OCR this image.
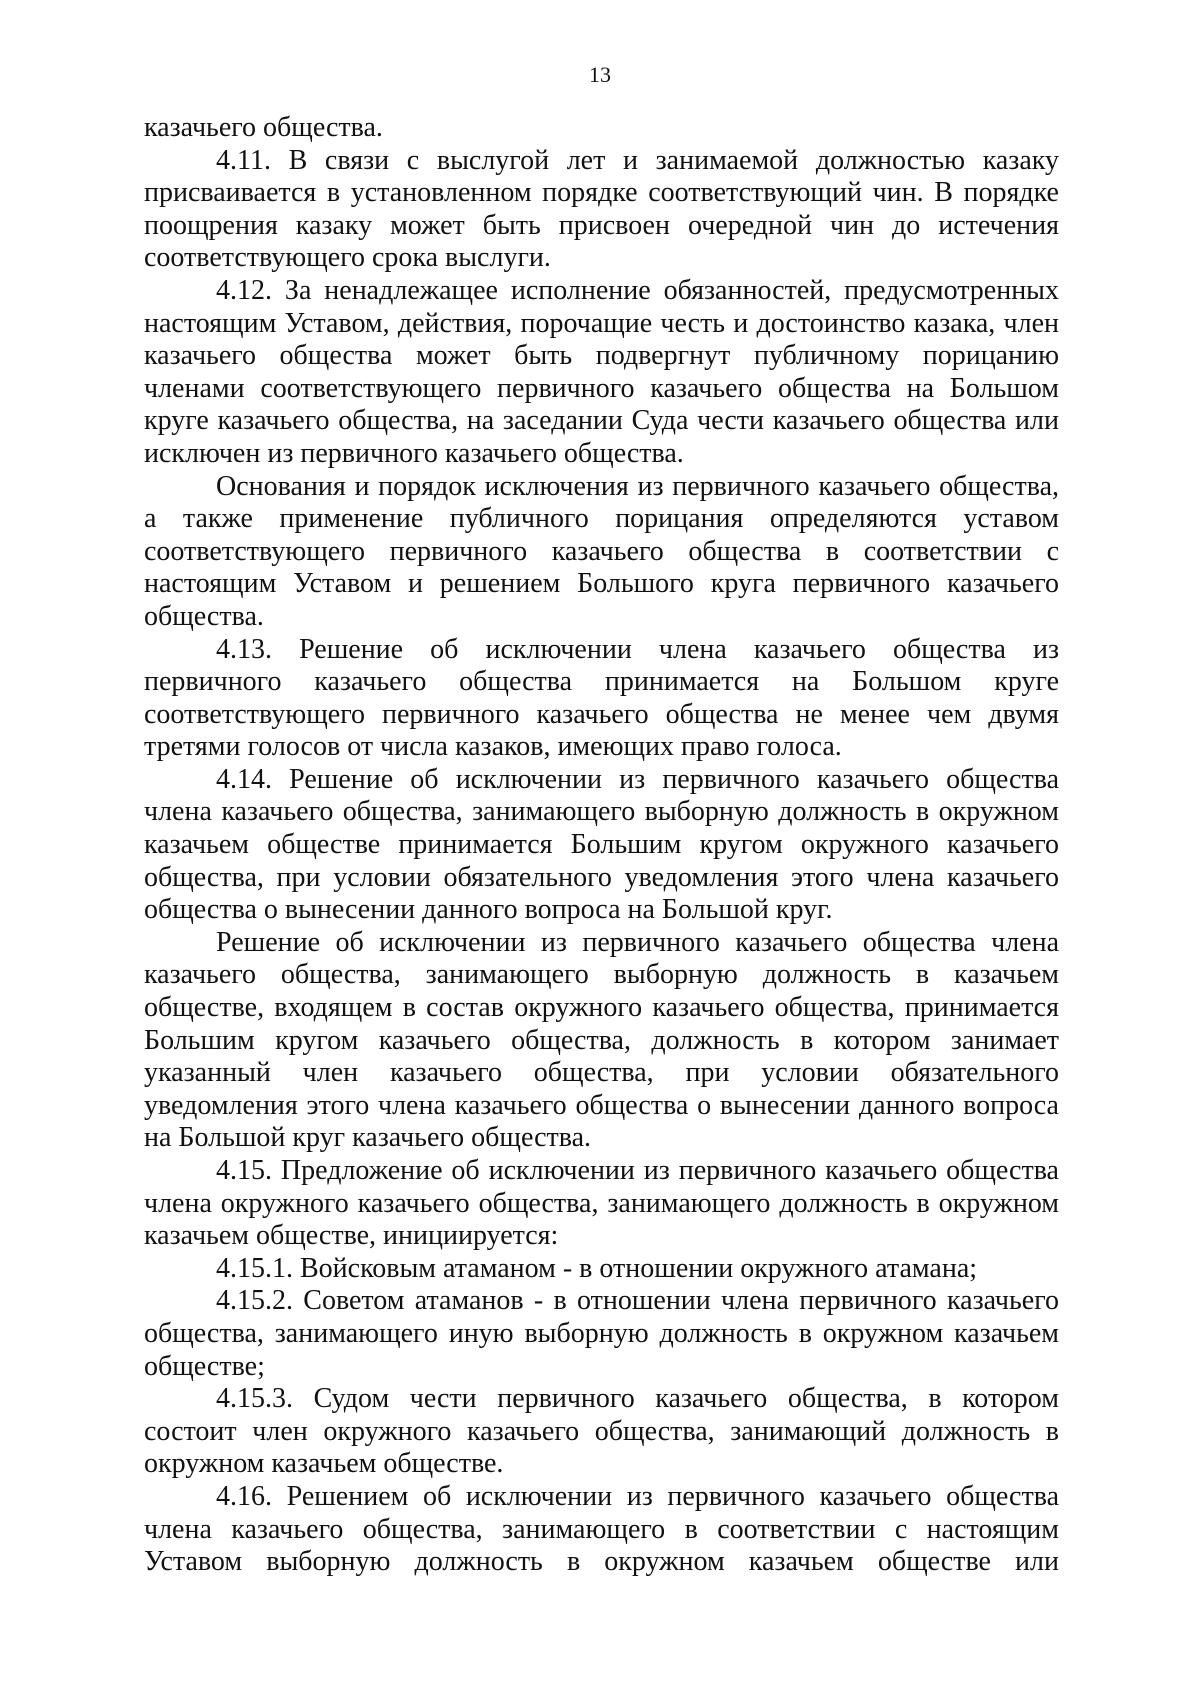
13

казачьего общества.

4.11. В связи с выслугой лет и занимаемой должностью казаку присваивается в установленном порядке соответствующий чин. В порядке поощрения казаку может быть присвоен очередной чин до истечения соответствующего срока выслуги.

4.12. За ненадлежащее исполнение обязанностей, предусмотренных настоящим Уставом, действия, порочащие честь и достоинство казака, член казачьего общества может быть подвергнут публичному порицанию членами соответствующего первичного казачьего общества на Большом круге казачьего общества, на заседании Суда чести казачьего общества или исключен из первичного казачьего общества.

Основания и порядок исключения из первичного казачьего общества, а также применение публичного порицания определяются уставом соответствующего первичного казачьего общества в соответствии с настоящим Уставом и решением Большого круга первичного казачьего общества.

4.13. Решение об исключении члена казачьего общества из первичного казачьего общества принимается на Большом круге соответствующего первичного казачьего общества не менее чем двумя третями голосов от числа казаков, имеющих право голоса.

4.14. Решение об исключении из первичного казачьего общества члена казачьего общества, занимающего выборную должность в окружном казачьем обществе принимается Большим кругом окружного казачьего общества, при условии обязательного уведомления этого члена казачьего общества о вынесении данного вопроса на Большой круг.

Решение об исключении из первичного казачьего общества члена казачьего общества, занимающего выборную должность в казачьем обществе, входящем в состав окружного казачьего общества, принимается Большим кругом казачьего общества, должность в котором занимает указанный член казачьего общества, при условии обязательного уведомления этого члена казачьего общества о вынесении данного вопроса на Большой круг казачьего общества.

4.15. Предложение об исключении из первичного казачьего общества члена окружного казачьего общества, занимающего должность в окружном казачьем обществе, инициируется:

4.15.1. Войсковым атаманом - в отношении окружного атамана;

4.15.2. Советом атаманов - в отношении члена первичного казачьего общества, занимающего иную выборную должность в окружном казачьем обществе;

4.15.3. Судом чести первичного казачьего общества, в котором состоит член окружного казачьего общества, занимающий должность в окружном казачьем обществе.

4.16. Решением об исключении из первичного казачьего общества члена казачьего общества, занимающего в соответствии с настоящим Уставом выборную должность в окружном казачьем обществе или
